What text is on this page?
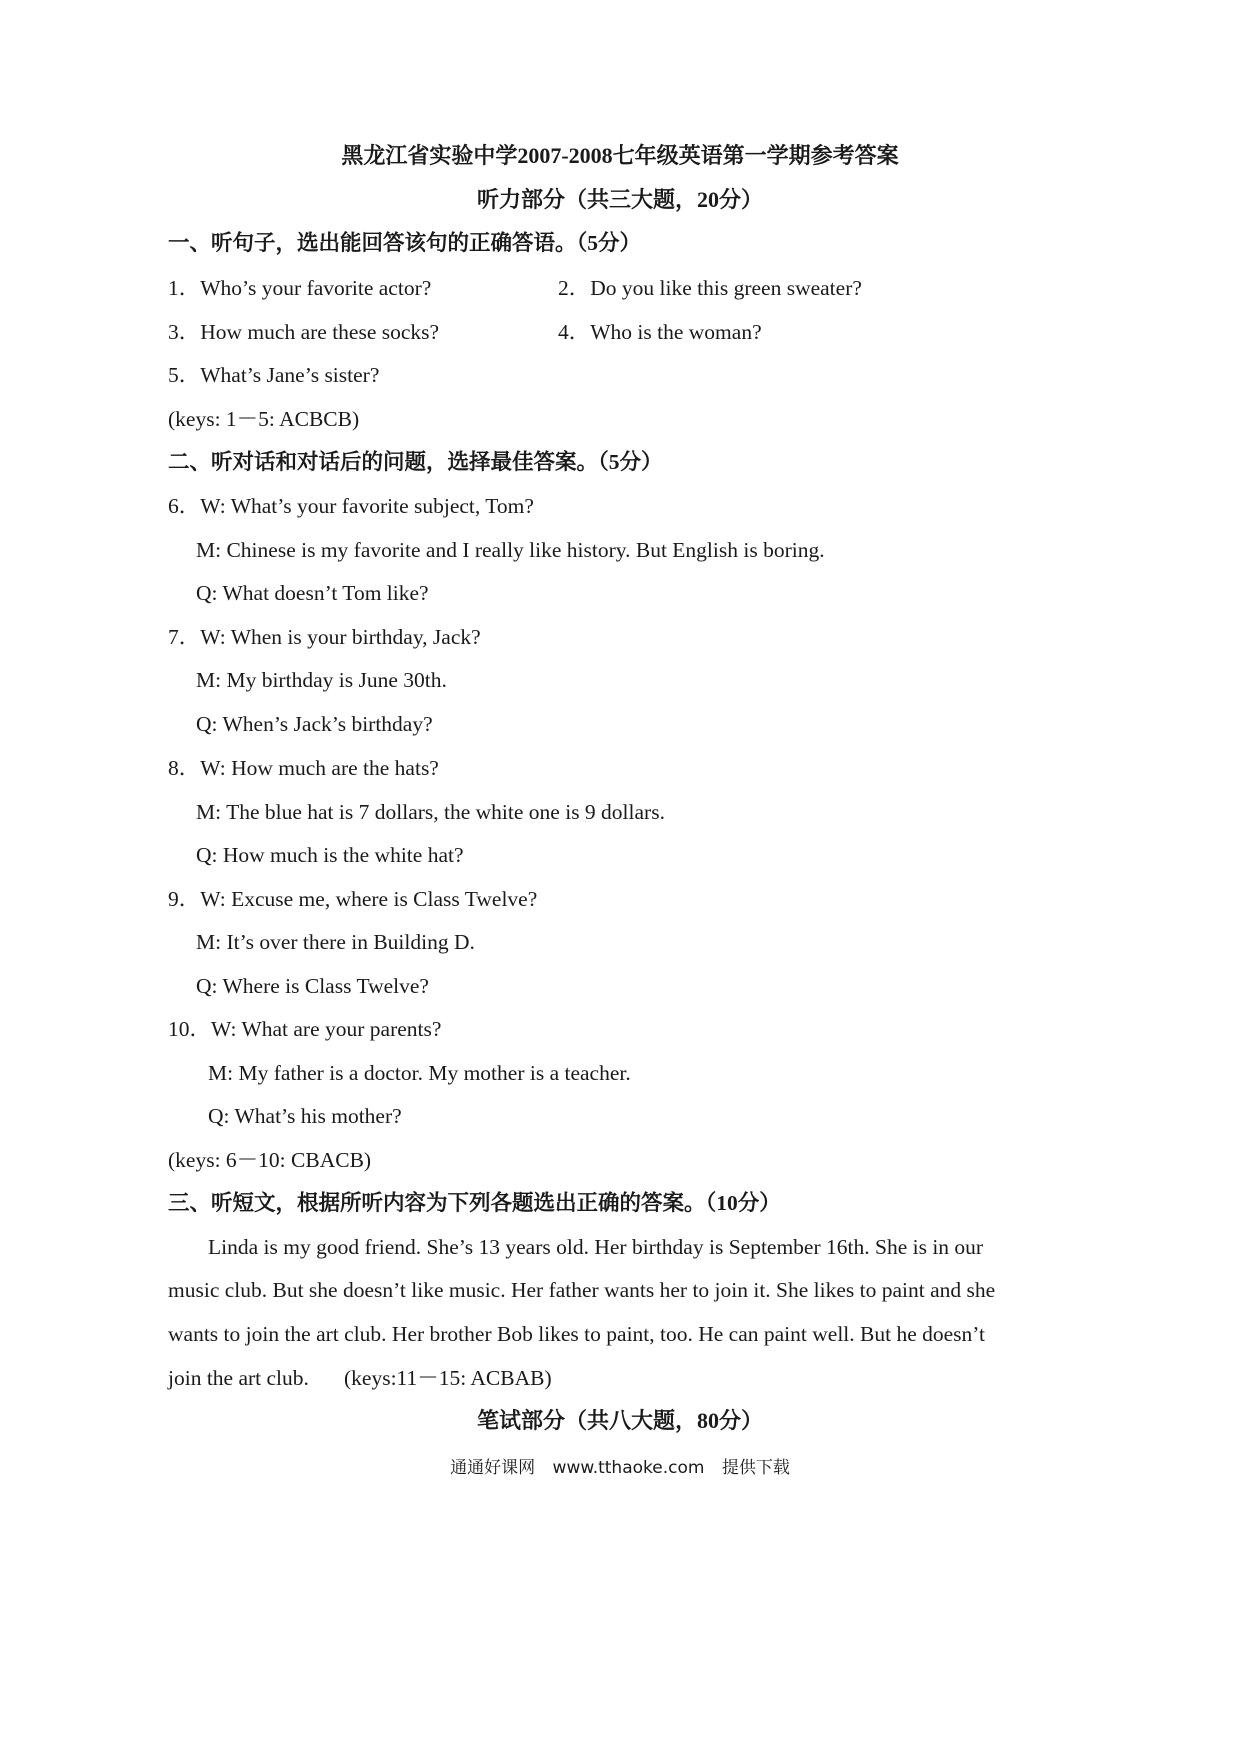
黑龙江省实验中学2007-2008七年级英语第一学期参考答案
听力部分（共三大题，20分）
一、听句子，选出能回答该句的正确答语。（5分）
1．Who’s your favorite actor?	2．Do you like this green sweater?
3．How much are these socks?	4．Who is the woman?
5．What’s Jane’s sister?
(keys: 1－5: ACBCB)
二、听对话和对话后的问题，选择最佳答案。（5分）
6．W: What’s your favorite subject, Tom?
M: Chinese is my favorite and I really like history. But English is boring.
Q: What doesn’t Tom like?
7．W: When is your birthday, Jack?
M: My birthday is June 30th.
Q: When’s Jack’s birthday?
8．W: How much are the hats?
M: The blue hat is 7 dollars, the white one is 9 dollars.
Q: How much is the white hat?
9．W: Excuse me, where is Class Twelve?
M: It’s over there in Building D.
Q: Where is Class Twelve?
10．W: What are your parents?
M: My father is a doctor. My mother is a teacher.
Q: What’s his mother?
(keys: 6－10: CBACB)
三、听短文，根据所听内容为下列各题选出正确的答案。（10分）
Linda is my good friend. She’s 13 years old. Her birthday is September 16th. She is in our
music club. But she doesn’t like music. Her father wants her to join it. She likes to paint and she
wants to join the art club. Her brother Bob likes to paint, too. He can paint well. But he doesn’t
join the art club. (keys:11－15: ACBAB)
笔试部分（共八大题，80分）
通通好课网 www.tthaoke.com 提供下载
